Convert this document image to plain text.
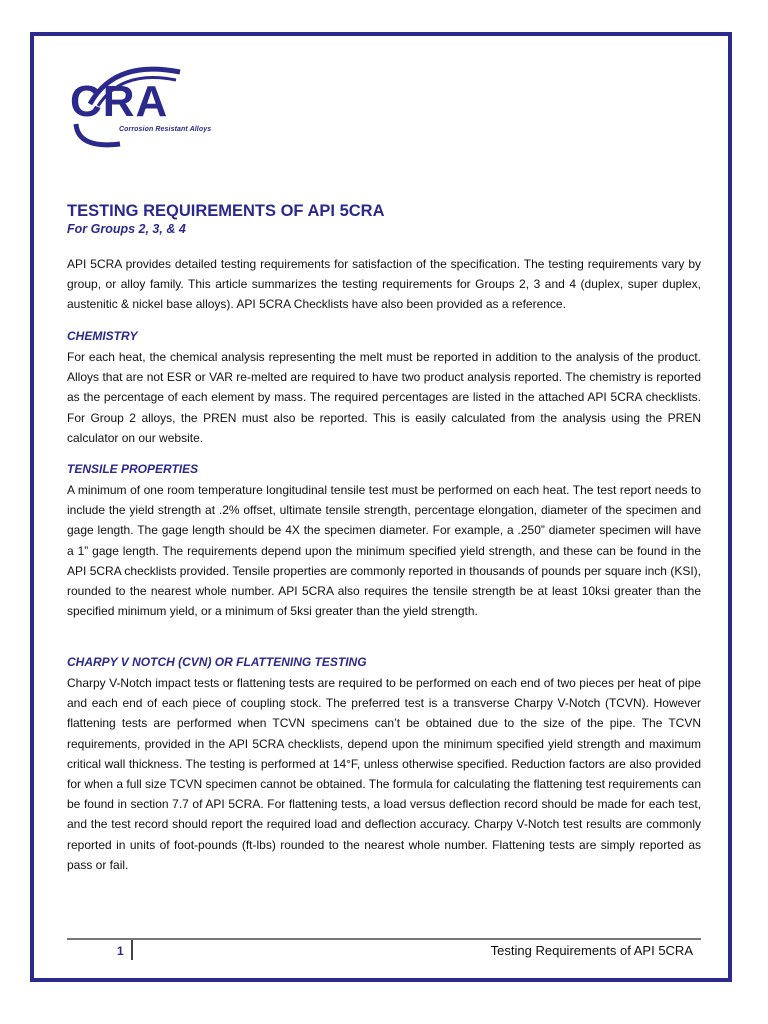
CRA
Corrosion Resistant Alloys
TESTING REQUIREMENTS OF API 5CRA
For Groups 2, 3, & 4

API 5CRA provides detailed testing requirements for satisfaction of the specification. The testing requirements vary by group, or alloy family. This article summarizes the testing requirements for Groups 2, 3 and 4 (duplex, super duplex, austenitic & nickel base alloys). API 5CRA Checklists have also been provided as a reference.

CHEMISTRY

For each heat, the chemical analysis representing the melt must be reported in addition to the analysis of the product. Alloys that are not ESR or VAR re-melted are required to have two product analysis reported. The chemistry is reported as the percentage of each element by mass. The required percentages are listed in the attached API 5CRA checklists. For Group 2 alloys, the PREN must also be reported. This is easily calculated from the analysis using the PREN calculator on our website.

TENSILE PROPERTIES

A minimum of one room temperature longitudinal tensile test must be performed on each heat. The test report needs to include the yield strength at .2% offset, ultimate tensile strength, percentage elongation, diameter of the specimen and gage length. The gage length should be 4X the specimen diameter. For example, a .250” diameter specimen will have a 1” gage length. The requirements depend upon the minimum specified yield strength, and these can be found in the API 5CRA checklists provided. Tensile properties are commonly reported in thousands of pounds per square inch (KSI), rounded to the nearest whole number. API 5CRA also requires the tensile strength be at least 10ksi greater than the specified minimum yield, or a minimum of 5ksi greater than the yield strength.

CHARPY V NOTCH (CVN) OR FLATTENING TESTING

Charpy V-Notch impact tests or flattening tests are required to be performed on each end of two pieces per heat of pipe and each end of each piece of coupling stock. The preferred test is a transverse Charpy V-Notch (TCVN). However flattening tests are performed when TCVN specimens can’t be obtained due to the size of the pipe. The TCVN requirements, provided in the API 5CRA checklists, depend upon the minimum specified yield strength and maximum critical wall thickness. The testing is performed at 14°F, unless otherwise specified. Reduction factors are also provided for when a full size TCVN specimen cannot be obtained. The formula for calculating the flattening test requirements can be found in section 7.7 of API 5CRA. For flattening tests, a load versus deflection record should be made for each test, and the test record should report the required load and deflection accuracy. Charpy V-Notch test results are commonly reported in units of foot-pounds (ft-lbs) rounded to the nearest whole number. Flattening tests are simply reported as pass or fail.

1	Testing Requirements of API 5CRA
